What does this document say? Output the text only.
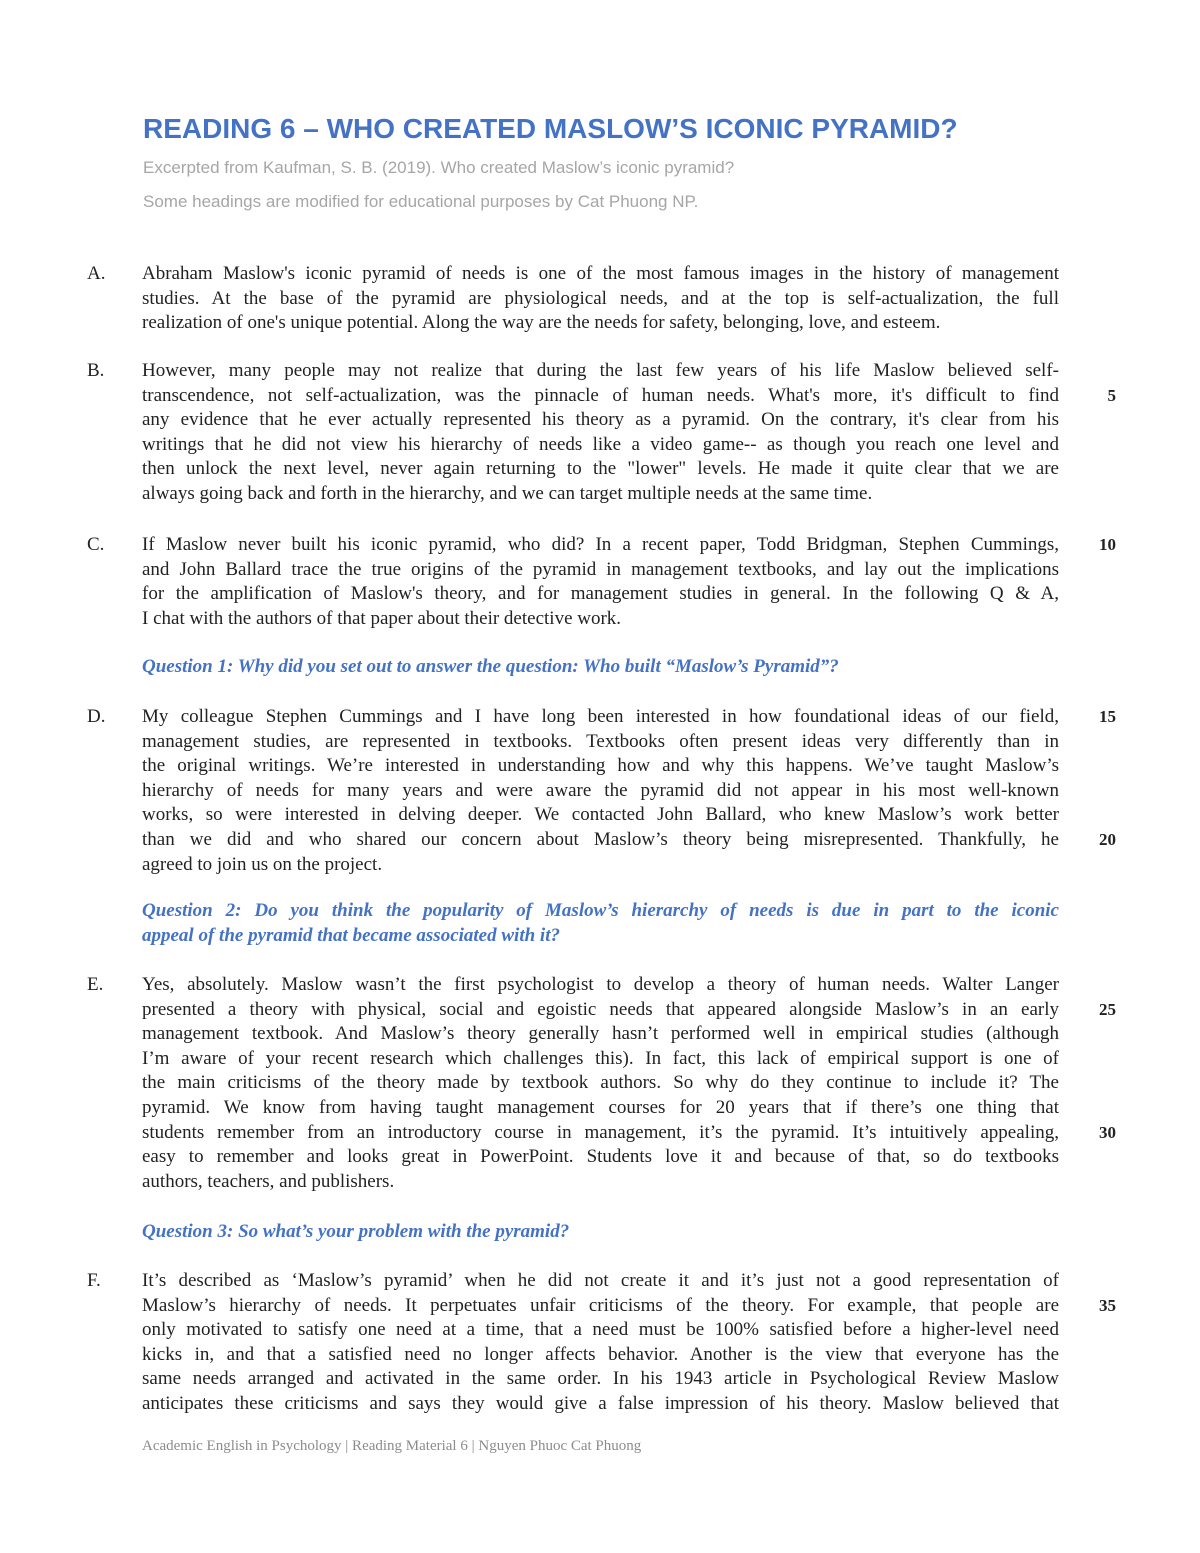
READING 6 – WHO CREATED MASLOW’S ICONIC PYRAMID?
Excerpted from Kaufman, S. B. (2019). Who created Maslow’s iconic pyramid?
Some headings are modified for educational purposes by Cat Phuong NP.
A. Abraham Maslow's iconic pyramid of needs is one of the most famous images in the history of management
studies. At the base of the pyramid are physiological needs, and at the top is self-actualization, the full
realization of one's unique potential. Along the way are the needs for safety, belonging, love, and esteem.
B. However, many people may not realize that during the last few years of his life Maslow believed self-
transcendence, not self-actualization, was the pinnacle of human needs. What's more, it's difficult to find
any evidence that he ever actually represented his theory as a pyramid. On the contrary, it's clear from his
writings that he did not view his hierarchy of needs like a video game-- as though you reach one level and
then unlock the next level, never again returning to the "lower" levels. He made it quite clear that we are
always going back and forth in the hierarchy, and we can target multiple needs at the same time.
C. If Maslow never built his iconic pyramid, who did? In a recent paper, Todd Bridgman, Stephen Cummings,
and John Ballard trace the true origins of the pyramid in management textbooks, and lay out the implications
for the amplification of Maslow's theory, and for management studies in general. In the following Q & A,
I chat with the authors of that paper about their detective work.
Question 1: Why did you set out to answer the question: Who built “Maslow’s Pyramid”?
D. My colleague Stephen Cummings and I have long been interested in how foundational ideas of our field,
management studies, are represented in textbooks. Textbooks often present ideas very differently than in
the original writings. We’re interested in understanding how and why this happens. We’ve taught Maslow’s
hierarchy of needs for many years and were aware the pyramid did not appear in his most well-known
works, so were interested in delving deeper. We contacted John Ballard, who knew Maslow’s work better
than we did and who shared our concern about Maslow’s theory being misrepresented. Thankfully, he
agreed to join us on the project.
Question 2: Do you think the popularity of Maslow’s hierarchy of needs is due in part to the iconic
appeal of the pyramid that became associated with it?
E. Yes, absolutely. Maslow wasn’t the first psychologist to develop a theory of human needs. Walter Langer
presented a theory with physical, social and egoistic needs that appeared alongside Maslow’s in an early
management textbook. And Maslow’s theory generally hasn’t performed well in empirical studies (although
I’m aware of your recent research which challenges this). In fact, this lack of empirical support is one of
the main criticisms of the theory made by textbook authors. So why do they continue to include it? The
pyramid. We know from having taught management courses for 20 years that if there’s one thing that
students remember from an introductory course in management, it’s the pyramid. It’s intuitively appealing,
easy to remember and looks great in PowerPoint. Students love it and because of that, so do textbooks
authors, teachers, and publishers.
Question 3: So what’s your problem with the pyramid?
F. It’s described as ‘Maslow’s pyramid’ when he did not create it and it’s just not a good representation of
Maslow’s hierarchy of needs. It perpetuates unfair criticisms of the theory. For example, that people are
only motivated to satisfy one need at a time, that a need must be 100% satisfied before a higher-level need
kicks in, and that a satisfied need no longer affects behavior. Another is the view that everyone has the
same needs arranged and activated in the same order. In his 1943 article in Psychological Review Maslow
anticipates these criticisms and says they would give a false impression of his theory. Maslow believed that
5
10
15
20
25
30
35
Academic English in Psychology | Reading Material 6 | Nguyen Phuoc Cat Phuong
